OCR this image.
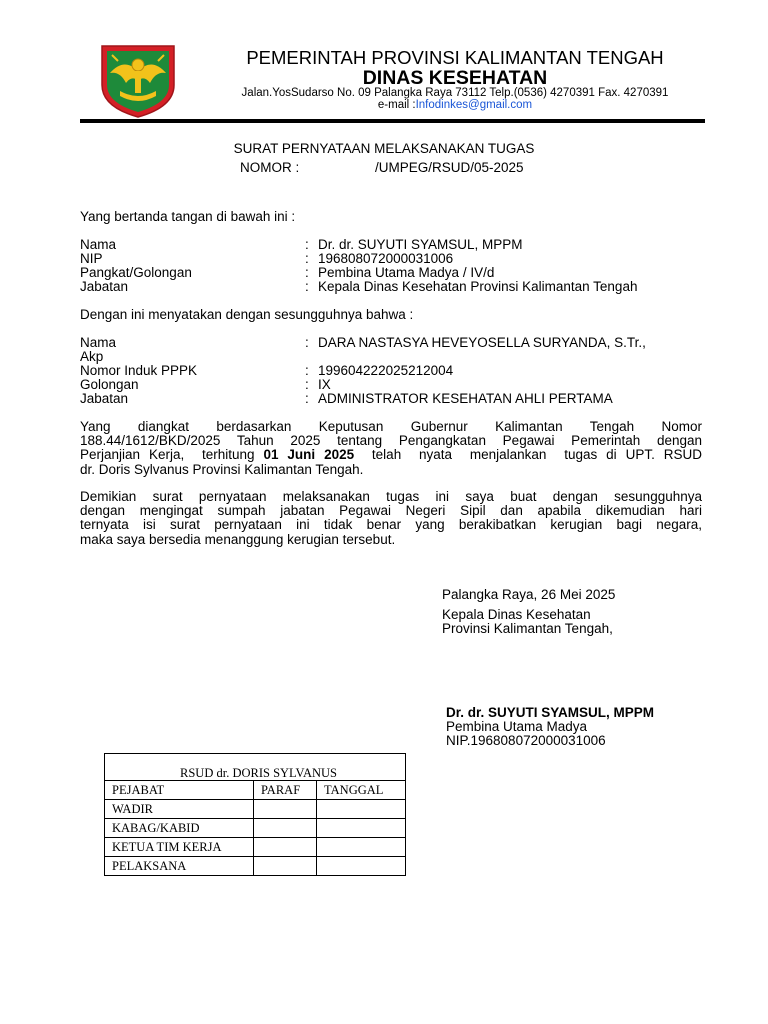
PEMERINTAH PROVINSI KALIMANTAN TENGAH
DINAS KESEHATAN
Jalan.YosSudarso No. 09 Palangka Raya 73112 Telp.(0536) 4270391 Fax. 4270391
e-mail :Infodinkes@gmail.com
SURAT PERNYATAAN MELAKSANAKAN TUGAS
NOMOR :	/UMPEG/RSUD/05-2025
Yang bertanda tangan di bawah ini :
Nama	: Dr. dr. SUYUTI SYAMSUL, MPPM
NIP	: 196808072000031006
Pangkat/Golongan	: Pembina Utama Madya / IV/d
Jabatan	: Kepala Dinas Kesehatan Provinsi Kalimantan Tengah
Dengan ini menyatakan dengan sesungguhnya bahwa :
Nama	: DARA NASTASYA HEVEYOSELLA SURYANDA, S.Tr.,
Akp
Nomor Induk PPPK	: 199604222025212004
Golongan	: IX
Jabatan	: ADMINISTRATOR KESEHATAN AHLI PERTAMA
Yang diangkat berdasarkan Keputusan Gubernur Kalimantan Tengah Nomor
188.44/1612/BKD/2025 Tahun 2025 tentang Pengangkatan Pegawai Pemerintah dengan
Perjanjian Kerja,  terhitung 01 Juni 2025  telah  nyata  menjalankan  tugas di UPT. RSUD
dr. Doris Sylvanus Provinsi Kalimantan Tengah.
Demikian surat pernyataan melaksanakan tugas ini saya buat dengan sesungguhnya
dengan mengingat sumpah jabatan Pegawai Negeri Sipil dan apabila dikemudian hari
ternyata isi surat pernyataan ini tidak benar yang berakibatkan kerugian bagi negara,
maka saya bersedia menanggung kerugian tersebut.
Palangka Raya, 26 Mei 2025
Kepala Dinas Kesehatan
Provinsi Kalimantan Tengah,
Dr. dr. SUYUTI SYAMSUL, MPPM
Pembina Utama Madya
NIP.196808072000031006
RSUD dr. DORIS SYLVANUS		
PEJABAT	PARAF	TANGGAL
WADIR		
KABAG/KABID		
KETUA TIM KERJA		
PELAKSANA		
